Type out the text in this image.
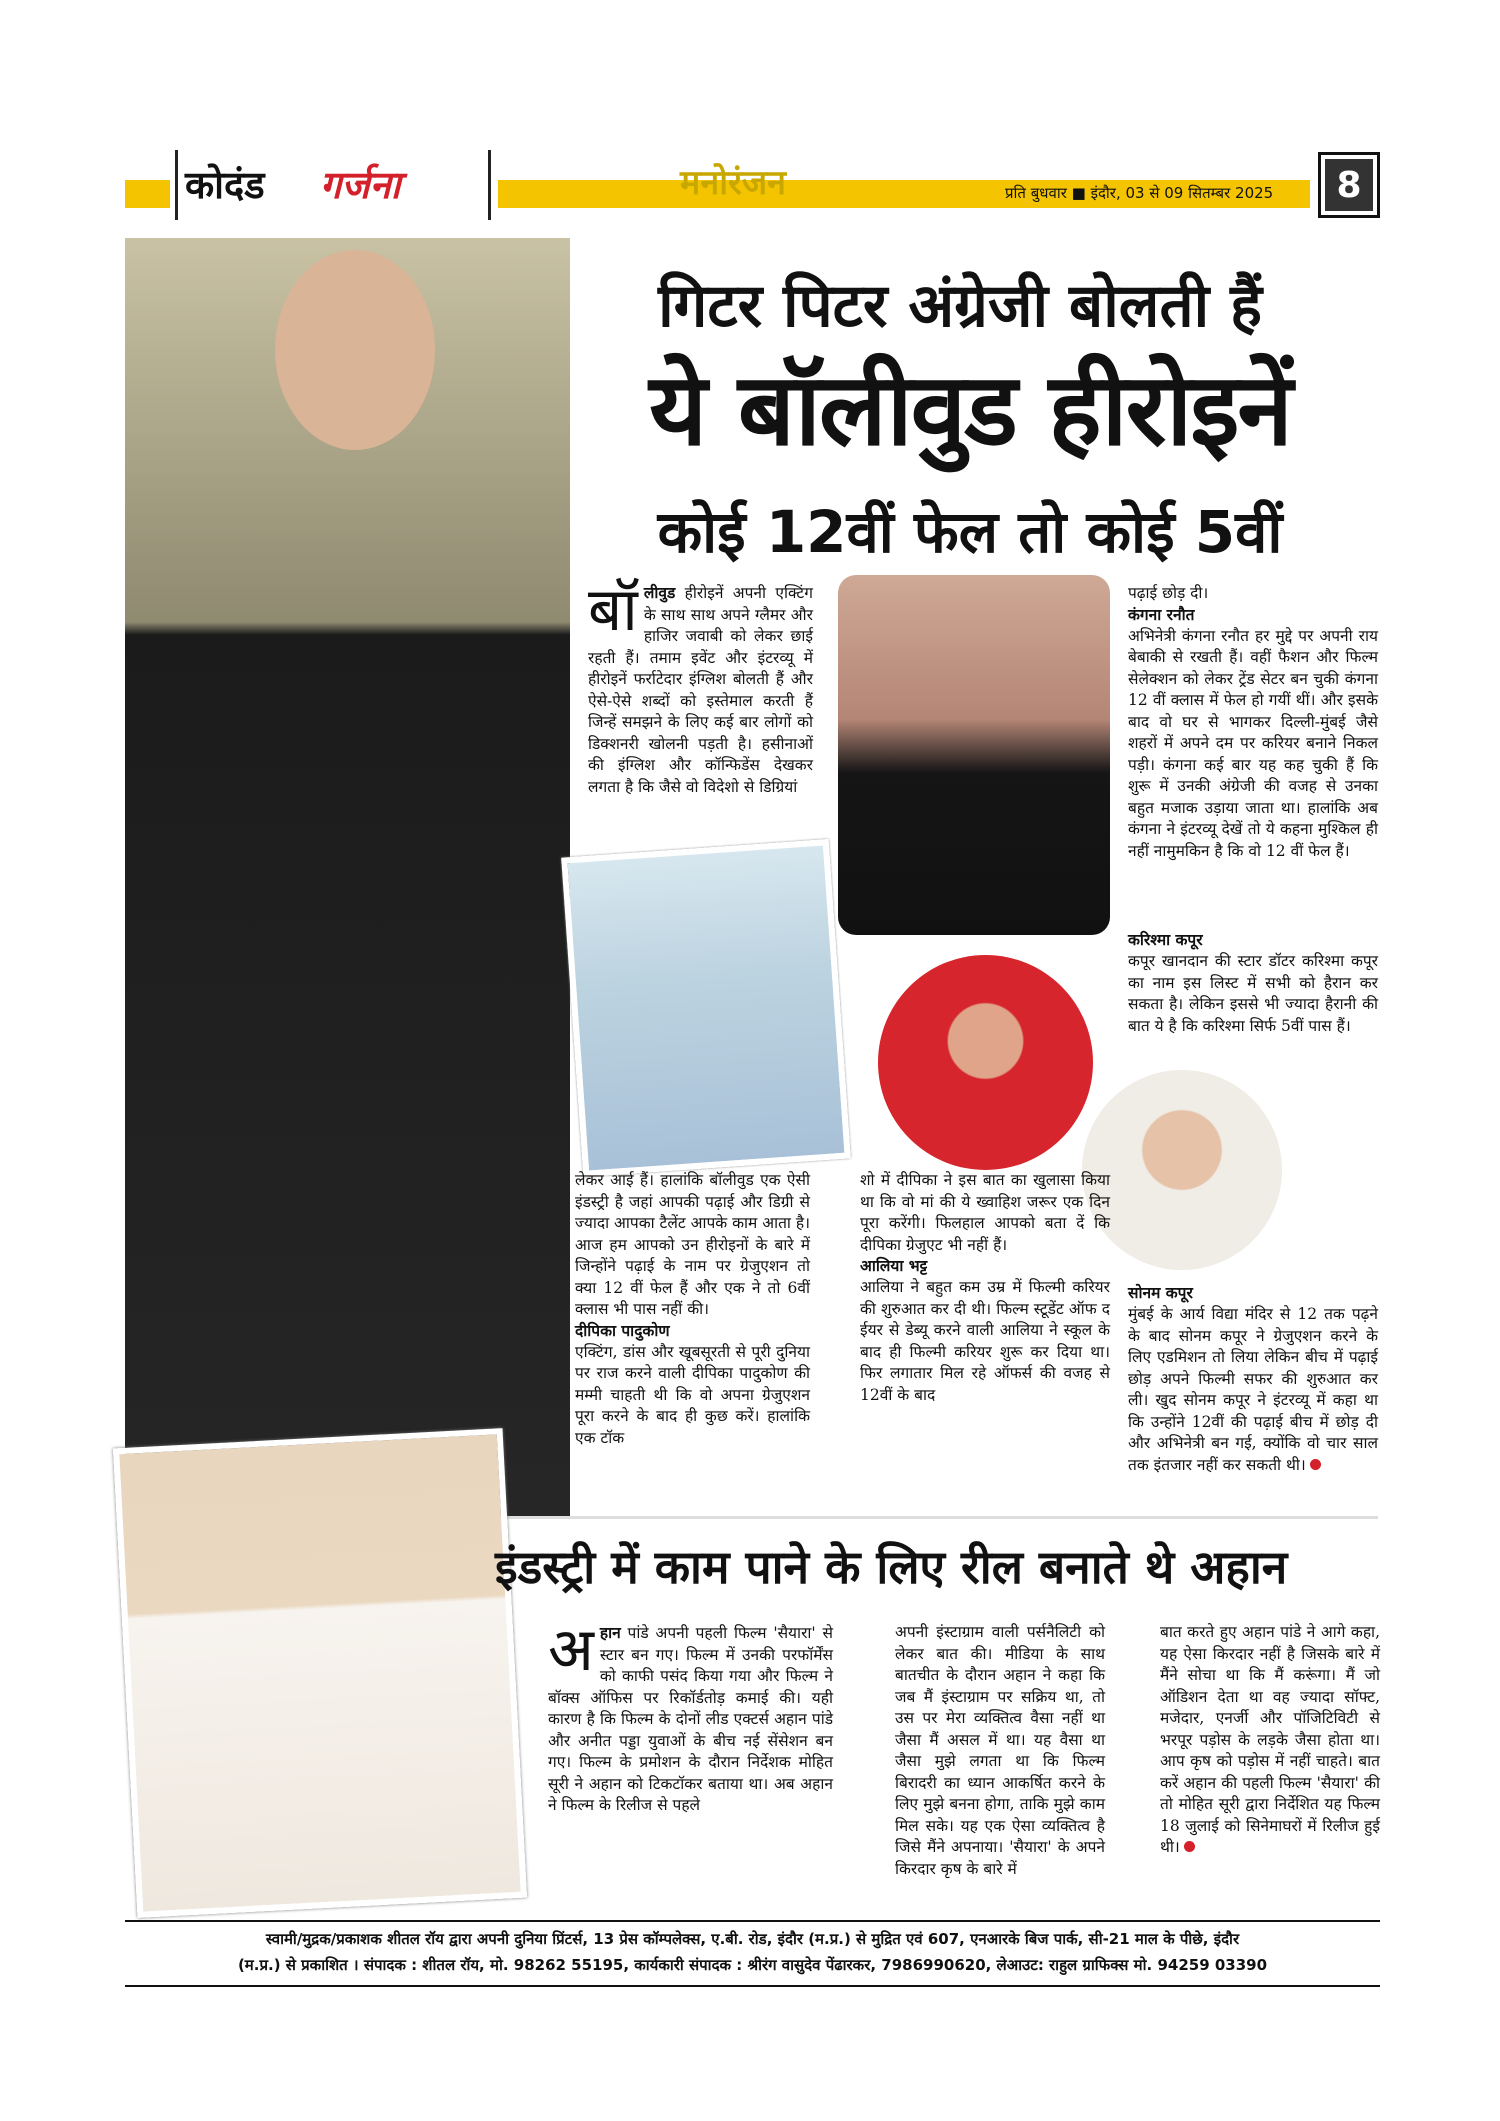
कोदंड गर्जना	मनोरंजन	प्रति बुधवार ■ इंदौर, 03 से 09 सितम्बर 2025	8
गिटर पिटर अंग्रेजी बोलती हैं
ये बॉलीवुड हीरोइनें
कोई 12वीं फेल तो कोई 5वीं
बॉ लीवुड हीरोइनें अपनी एक्टिंग के साथ साथ अपने ग्लैमर और हाजिर जवाबी को लेकर छाई रहती हैं। तमाम इवेंट और इंटरव्यू में हीरोइनें फर्राटेदार इंग्लिश बोलती हैं और ऐसे-ऐसे शब्दों को इस्तेमाल करती हैं जिन्हें समझने के लिए कई बार लोगों को डिक्शनरी खोलनी पड़ती है। हसीनाओं की इंग्लिश और कॉन्फिडेंस देखकर लगता है कि जैसे वो विदेशो से डिग्रियां
लेकर आई हैं। हालांकि बॉलीवुड एक ऐसी इंडस्ट्री है जहां आपकी पढ़ाई और डिग्री से ज्यादा आपका टैलेंट आपके काम आता है। आज हम आपको उन हीरोइनों के बारे में जिन्होंने पढ़ाई के नाम पर ग्रेजुएशन तो क्या 12 वीं फेल हैं और एक ने तो 6वीं क्लास भी पास नहीं की।
दीपिका पादुकोण
एक्टिंग, डांस और खूबसूरती से पूरी दुनिया पर राज करने वाली दीपिका पादुकोण की मम्मी चाहती थी कि वो अपना ग्रेजुएशन पूरा करने के बाद ही कुछ करें। हालांकि एक टॉक
शो में दीपिका ने इस बात का खुलासा किया था कि वो मां की ये ख्वाहिश जरूर एक दिन पूरा करेंगी। फिलहाल आपको बता दें कि दीपिका ग्रेजुएट भी नहीं हैं।
आलिया भट्ट
आलिया ने बहुत कम उम्र में फिल्मी करियर की शुरुआत कर दी थी। फिल्म स्टूडेंट ऑफ द ईयर से डेब्यू करने वाली आलिया ने स्कूल के बाद ही फिल्मी करियर शुरू कर दिया था। फिर लगातार मिल रहे ऑफर्स की वजह से 12वीं के बाद
पढ़ाई छोड़ दी।
कंगना रनौत
अभिनेत्री कंगना रनौत हर मुद्दे पर अपनी राय बेबाकी से रखती हैं। वहीं फैशन और फिल्म सेलेक्शन को लेकर ट्रेंड सेटर बन चुकी कंगना 12 वीं क्लास में फेल हो गयीं थीं। और इसके बाद वो घर से भागकर दिल्ली-मुंबई जैसे शहरों में अपने दम पर करियर बनाने निकल पड़ी। कंगना कई बार यह कह चुकी हैं कि शुरू में उनकी अंग्रेजी की वजह से उनका बहुत मजाक उड़ाया जाता था। हालांकि अब कंगना ने इंटरव्यू देखें तो ये कहना मुश्किल ही नहीं नामुमकिन है कि वो 12 वीं फेल हैं।
करिश्मा कपूर
कपूर खानदान की स्टार डॉटर करिश्मा कपूर का नाम इस लिस्ट में सभी को हैरान कर सकता है। लेकिन इससे भी ज्यादा हैरानी की बात ये है कि करिश्मा सिर्फ 5वीं पास हैं।
सोनम कपूर
मुंबई के आर्य विद्या मंदिर से 12 तक पढ़ने के बाद सोनम कपूर ने ग्रेजुएशन करने के लिए एडमिशन तो लिया लेकिन बीच में पढ़ाई छोड़ अपने फिल्मी सफर की शुरुआत कर ली। खुद सोनम कपूर ने इंटरव्यू में कहा था कि उन्होंने 12वीं की पढ़ाई बीच में छोड़ दी और अभिनेत्री बन गई, क्योंकि वो चार साल तक इंतजार नहीं कर सकती थी।
इंडस्ट्री में काम पाने के लिए रील बनाते थे अहान
अ हान पांडे अपनी पहली फिल्म 'सैयारा' से स्टार बन गए। फिल्म में उनकी परफॉर्मेंस को काफी पसंद किया गया और फिल्म ने बॉक्स ऑफिस पर रिकॉर्डतोड़ कमाई की। यही कारण है कि फिल्म के दोनों लीड एक्टर्स अहान पांडे और अनीत पड्डा युवाओं के बीच नई सेंसेशन बन गए। फिल्म के प्रमोशन के दौरान निर्देशक मोहित सूरी ने अहान को टिकटॉकर बताया था। अब अहान ने फिल्म के रिलीज से पहले
अपनी इंस्टाग्राम वाली पर्सनैलिटी को लेकर बात की। मीडिया के साथ बातचीत के दौरान अहान ने कहा कि जब मैं इंस्टाग्राम पर सक्रिय था, तो उस पर मेरा व्यक्तित्व वैसा नहीं था जैसा मैं असल में था। यह वैसा था जैसा मुझे लगता था कि फिल्म बिरादरी का ध्यान आकर्षित करने के लिए मुझे बनना होगा, ताकि मुझे काम मिल सके। यह एक ऐसा व्यक्तित्व है जिसे मैंने अपनाया। 'सैयारा' के अपने किरदार कृष के बारे में
बात करते हुए अहान पांडे ने आगे कहा, यह ऐसा किरदार नहीं है जिसके बारे में मैंने सोचा था कि मैं करूंगा। मैं जो ऑडिशन देता था वह ज्यादा सॉफ्ट, मजेदार, एनर्जी और पॉजिटिविटी से भरपूर पड़ोस के लड़के जैसा होता था। आप कृष को पड़ोस में नहीं चाहते। बात करें अहान की पहली फिल्म 'सैयारा' की तो मोहित सूरी द्वारा निर्देशित यह फिल्म 18 जुलाई को सिनेमाघरों में रिलीज हुई थी।
स्वामी/मुद्रक/प्रकाशक शीतल रॉय द्वारा अपनी दुनिया प्रिंटर्स, 13 प्रेस कॉम्पलेक्स, ए.बी. रोड, इंदौर (म.प्र.) से मुद्रित एवं 607, एनआरके बिज पार्क, सी-21 माल के पीछे, इंदौर
(म.प्र.) से प्रकाशित । संपादक : शीतल रॉय, मो. 98262 55195, कार्यकारी संपादक : श्रीरंग वासुदेव पेंढारकर, 7986990620, लेआउट: राहुल ग्राफिक्स मो. 94259 03390
